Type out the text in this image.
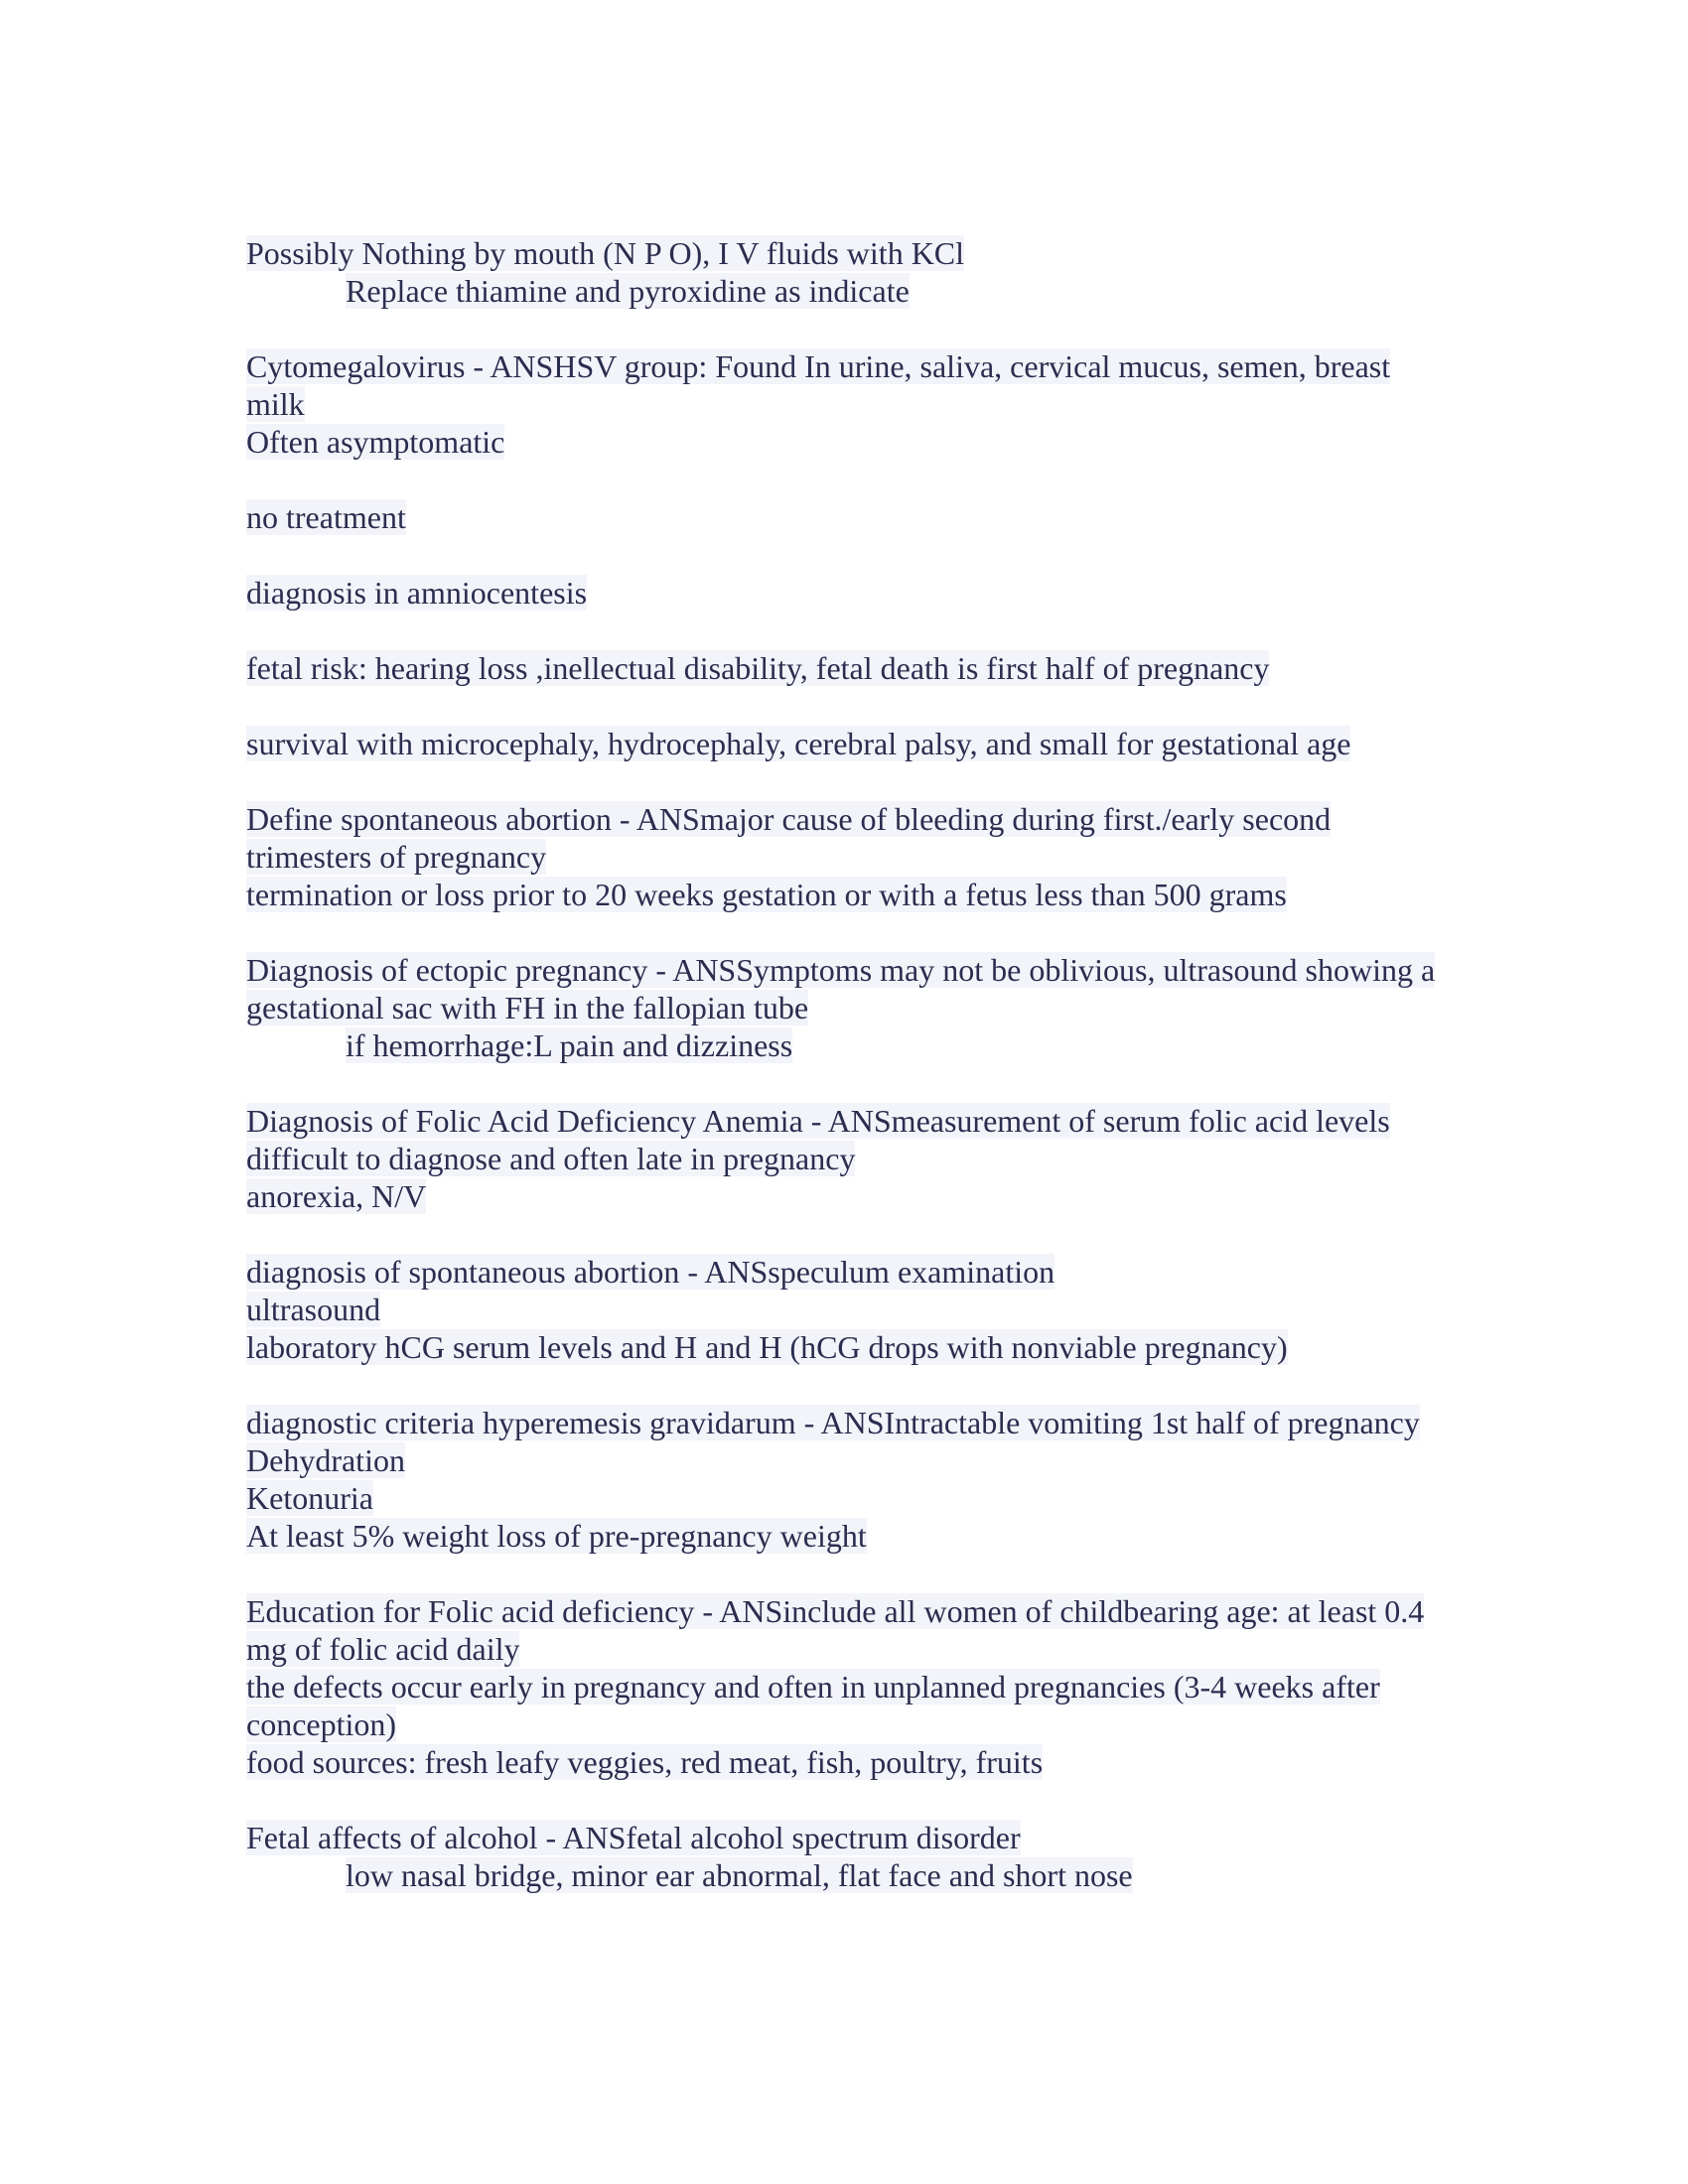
Possibly Nothing by mouth (N P O), I V fluids with KCl
Replace thiamine and pyroxidine as indicate
Cytomegalovirus - ANSHSV group: Found In urine, saliva, cervical mucus, semen, breast
milk
Often asymptomatic
no treatment
diagnosis in amniocentesis
fetal risk: hearing loss ,inellectual disability, fetal death is first half of pregnancy
survival with microcephaly, hydrocephaly, cerebral palsy, and small for gestational age
Define spontaneous abortion - ANSmajor cause of bleeding during first./early second
trimesters of pregnancy
termination or loss prior to 20 weeks gestation or with a fetus less than 500 grams
Diagnosis of ectopic pregnancy - ANSSymptoms may not be oblivious, ultrasound showing a
gestational sac with FH in the fallopian tube
if hemorrhage:L pain and dizziness
Diagnosis of Folic Acid Deficiency Anemia - ANSmeasurement of serum folic acid levels
difficult to diagnose and often late in pregnancy
anorexia, N/V
diagnosis of spontaneous abortion - ANSspeculum examination
ultrasound
laboratory hCG serum levels and H and H (hCG drops with nonviable pregnancy)
diagnostic criteria hyperemesis gravidarum - ANSIntractable vomiting 1st half of pregnancy
Dehydration
Ketonuria
At least 5% weight loss of pre-pregnancy weight
Education for Folic acid deficiency - ANSinclude all women of childbearing age: at least 0.4
mg of folic acid daily
the defects occur early in pregnancy and often in unplanned pregnancies (3-4 weeks after
conception)
food sources: fresh leafy veggies, red meat, fish, poultry, fruits
Fetal affects of alcohol - ANSfetal alcohol spectrum disorder
low nasal bridge, minor ear abnormal, flat face and short nose
